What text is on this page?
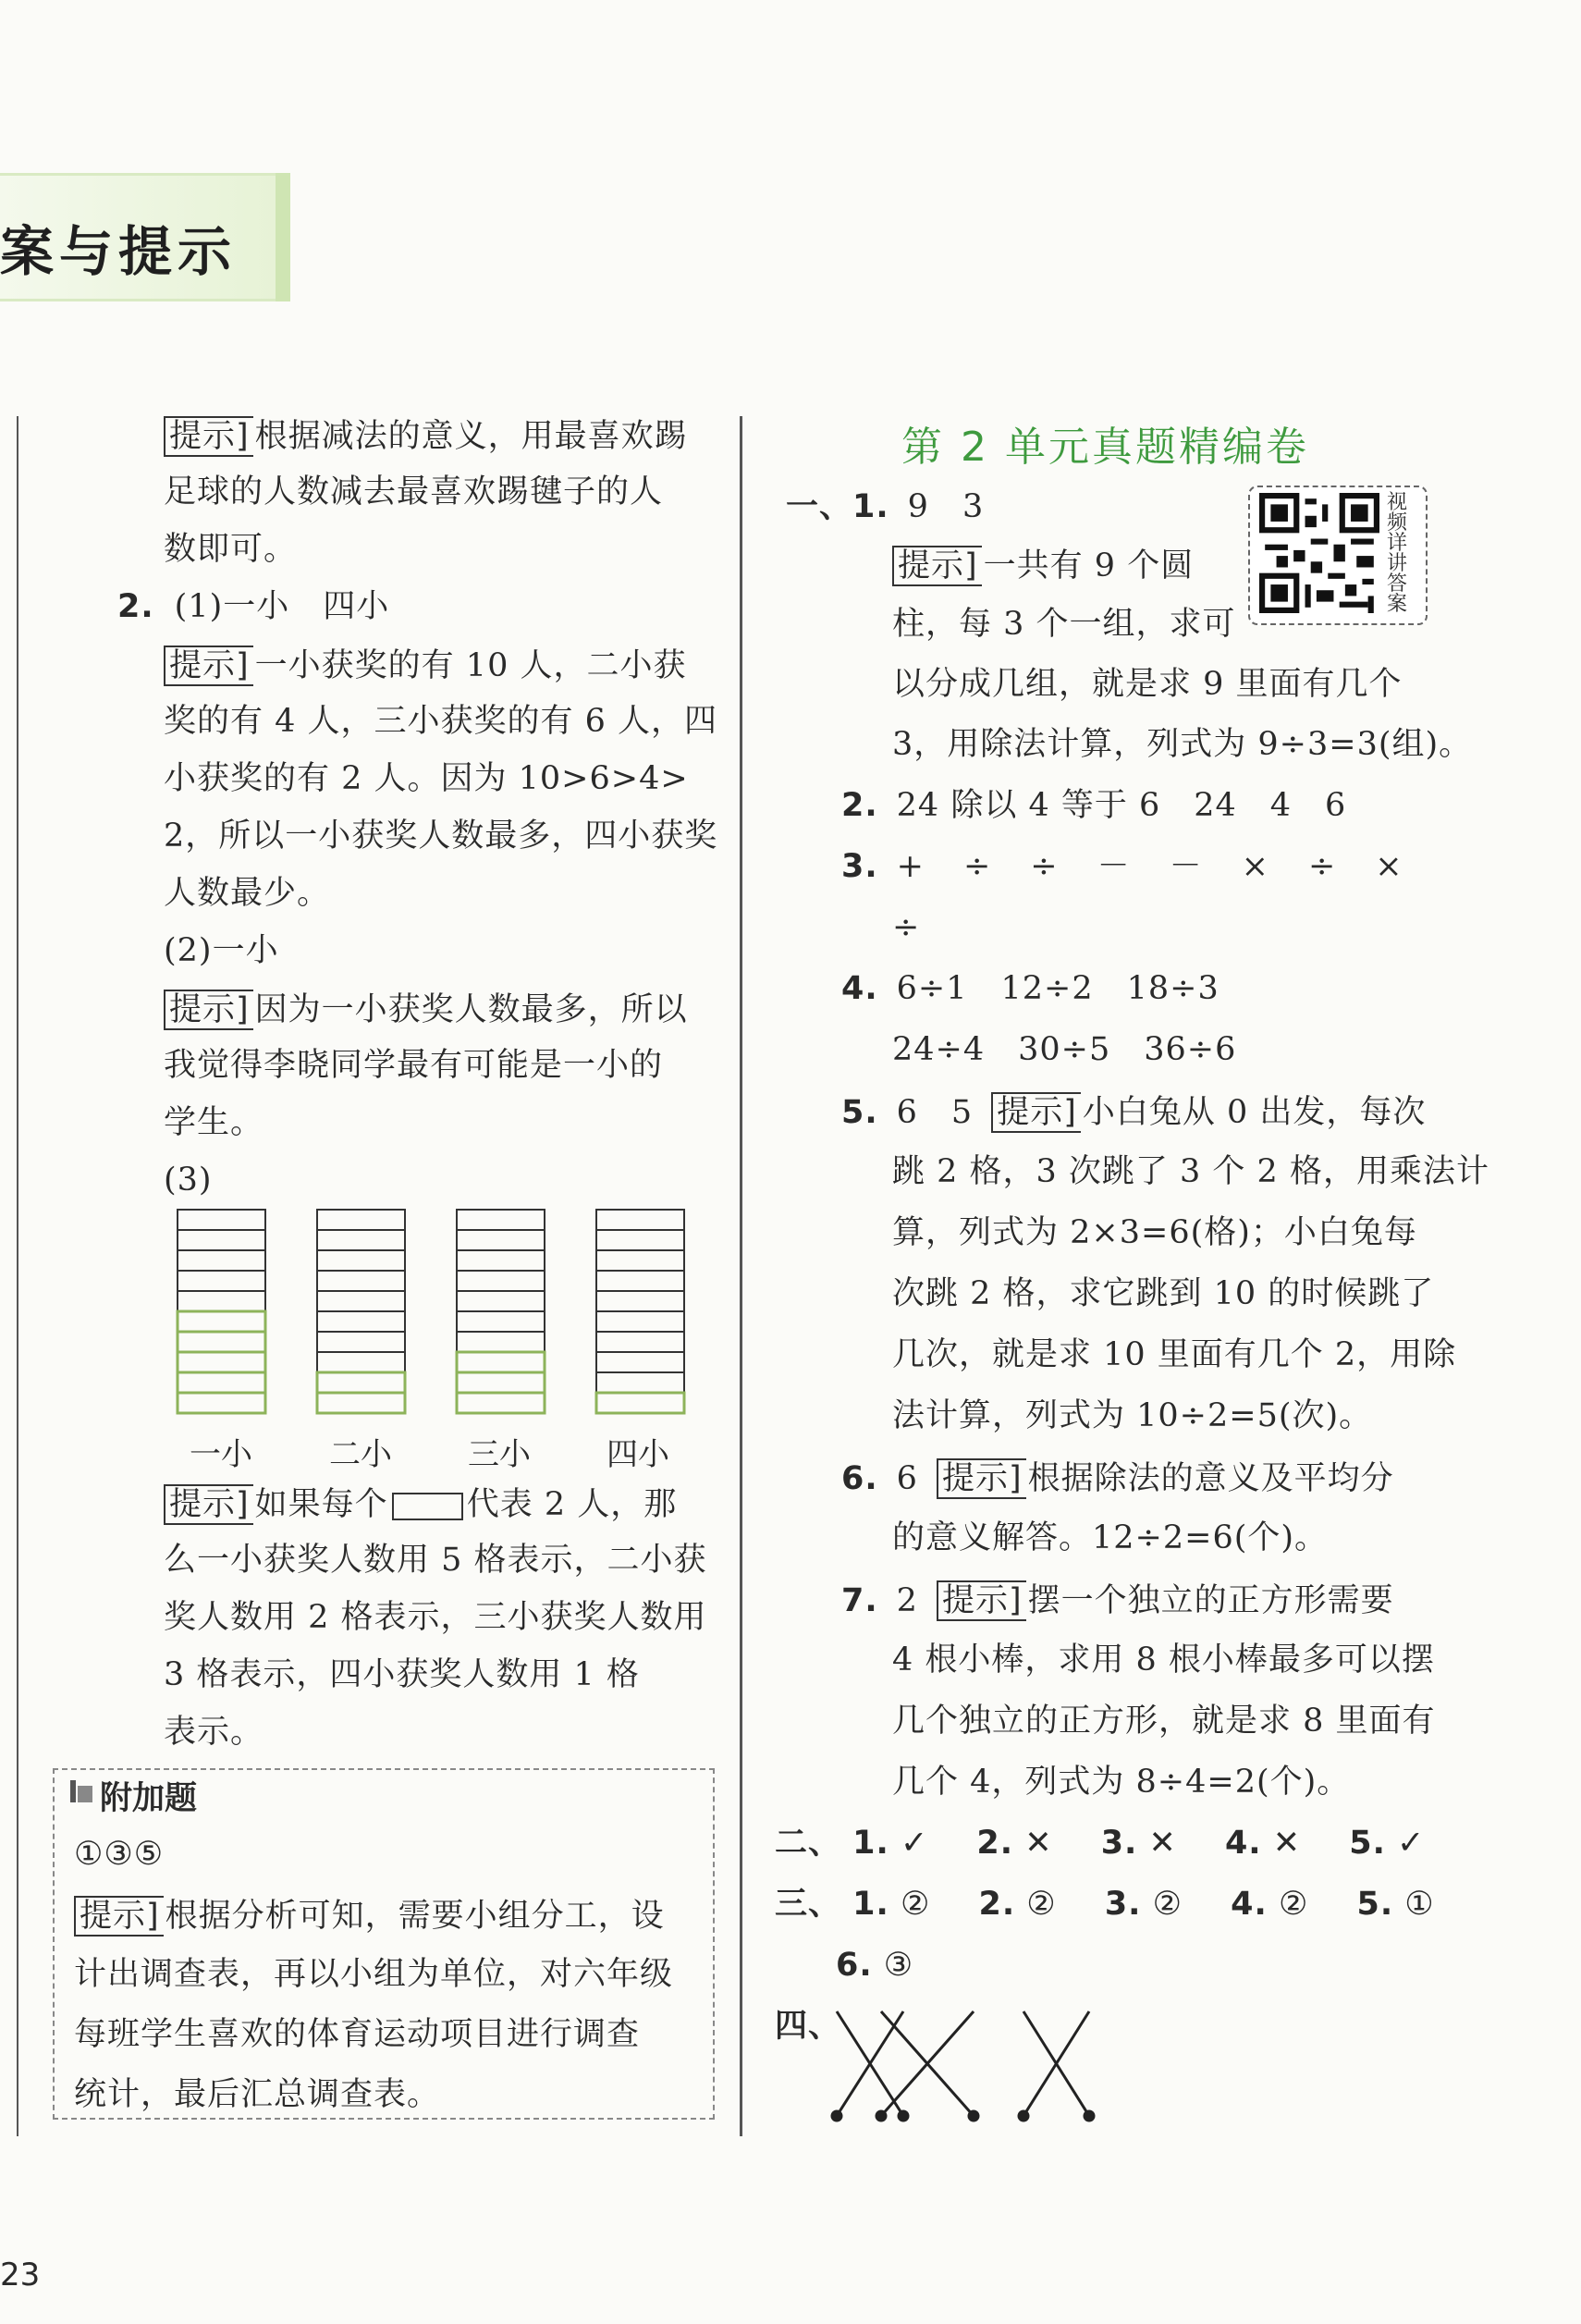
案与提示
提示 ] 根据减法的意义，用最喜欢踢
足球的人数减去最喜欢踢毽子的人
数即可。
2. (1)一小　四小
提示 ] 一小获奖的有 10 人，二小获
奖的有 4 人，三小获奖的有 6 人，四
小获奖的有 2 人。因为 10>6>4>
2，所以一小获奖人数最多，四小获奖
人数最少。
(2)一小
提示 ] 因为一小获奖人数最多，所以
我觉得李晓同学最有可能是一小的
学生。
(3)
一小 二小 三小 四小
提示 ] 如果每个 代表 2 人，那
么一小获奖人数用 5 格表示，二小获
奖人数用 2 格表示，三小获奖人数用
3 格表示，四小获奖人数用 1 格
表示。
附加题
①③⑤
提示 ] 根据分析可知，需要小组分工，设
计出调查表，再以小组为单位，对六年级
每班学生喜欢的体育运动项目进行调查
统计，最后汇总调查表。
23
第 2 单元真题精编卷
视频详讲答案
一、1. 9　3
提示 ] 一共有 9 个圆
柱，每 3 个一组，求可
以分成几组，就是求 9 里面有几个
3，用除法计算，列式为 9÷3=3(组)。
2. 24 除以 4 等于 6　24　4　6
3. +　÷　÷　－　－　×　÷　×
÷
4. 6÷1　12÷2　18÷3
24÷4　30÷5　36÷6
5. 6　5 提示 ] 小白兔从 0 出发，每次
跳 2 格，3 次跳了 3 个 2 格，用乘法计
算，列式为 2×3=6(格)；小白兔每
次跳 2 格，求它跳到 10 的时候跳了
几次，就是求 10 里面有几个 2，用除
法计算，列式为 10÷2=5(次)。
6. 6 提示 ] 根据除法的意义及平均分
的意义解答。12÷2=6(个)。
7. 2 提示 ] 摆一个独立的正方形需要
4 根小棒，求用 8 根小棒最多可以摆
几个独立的正方形，就是求 8 里面有
几个 4，列式为 8÷4=2(个)。
二、 1. ✓ 2. ✕ 3. ✕ 4. ✕ 5. ✓
三、 1. ② 2. ② 3. ② 4. ② 5. ①
6. ③
四、
